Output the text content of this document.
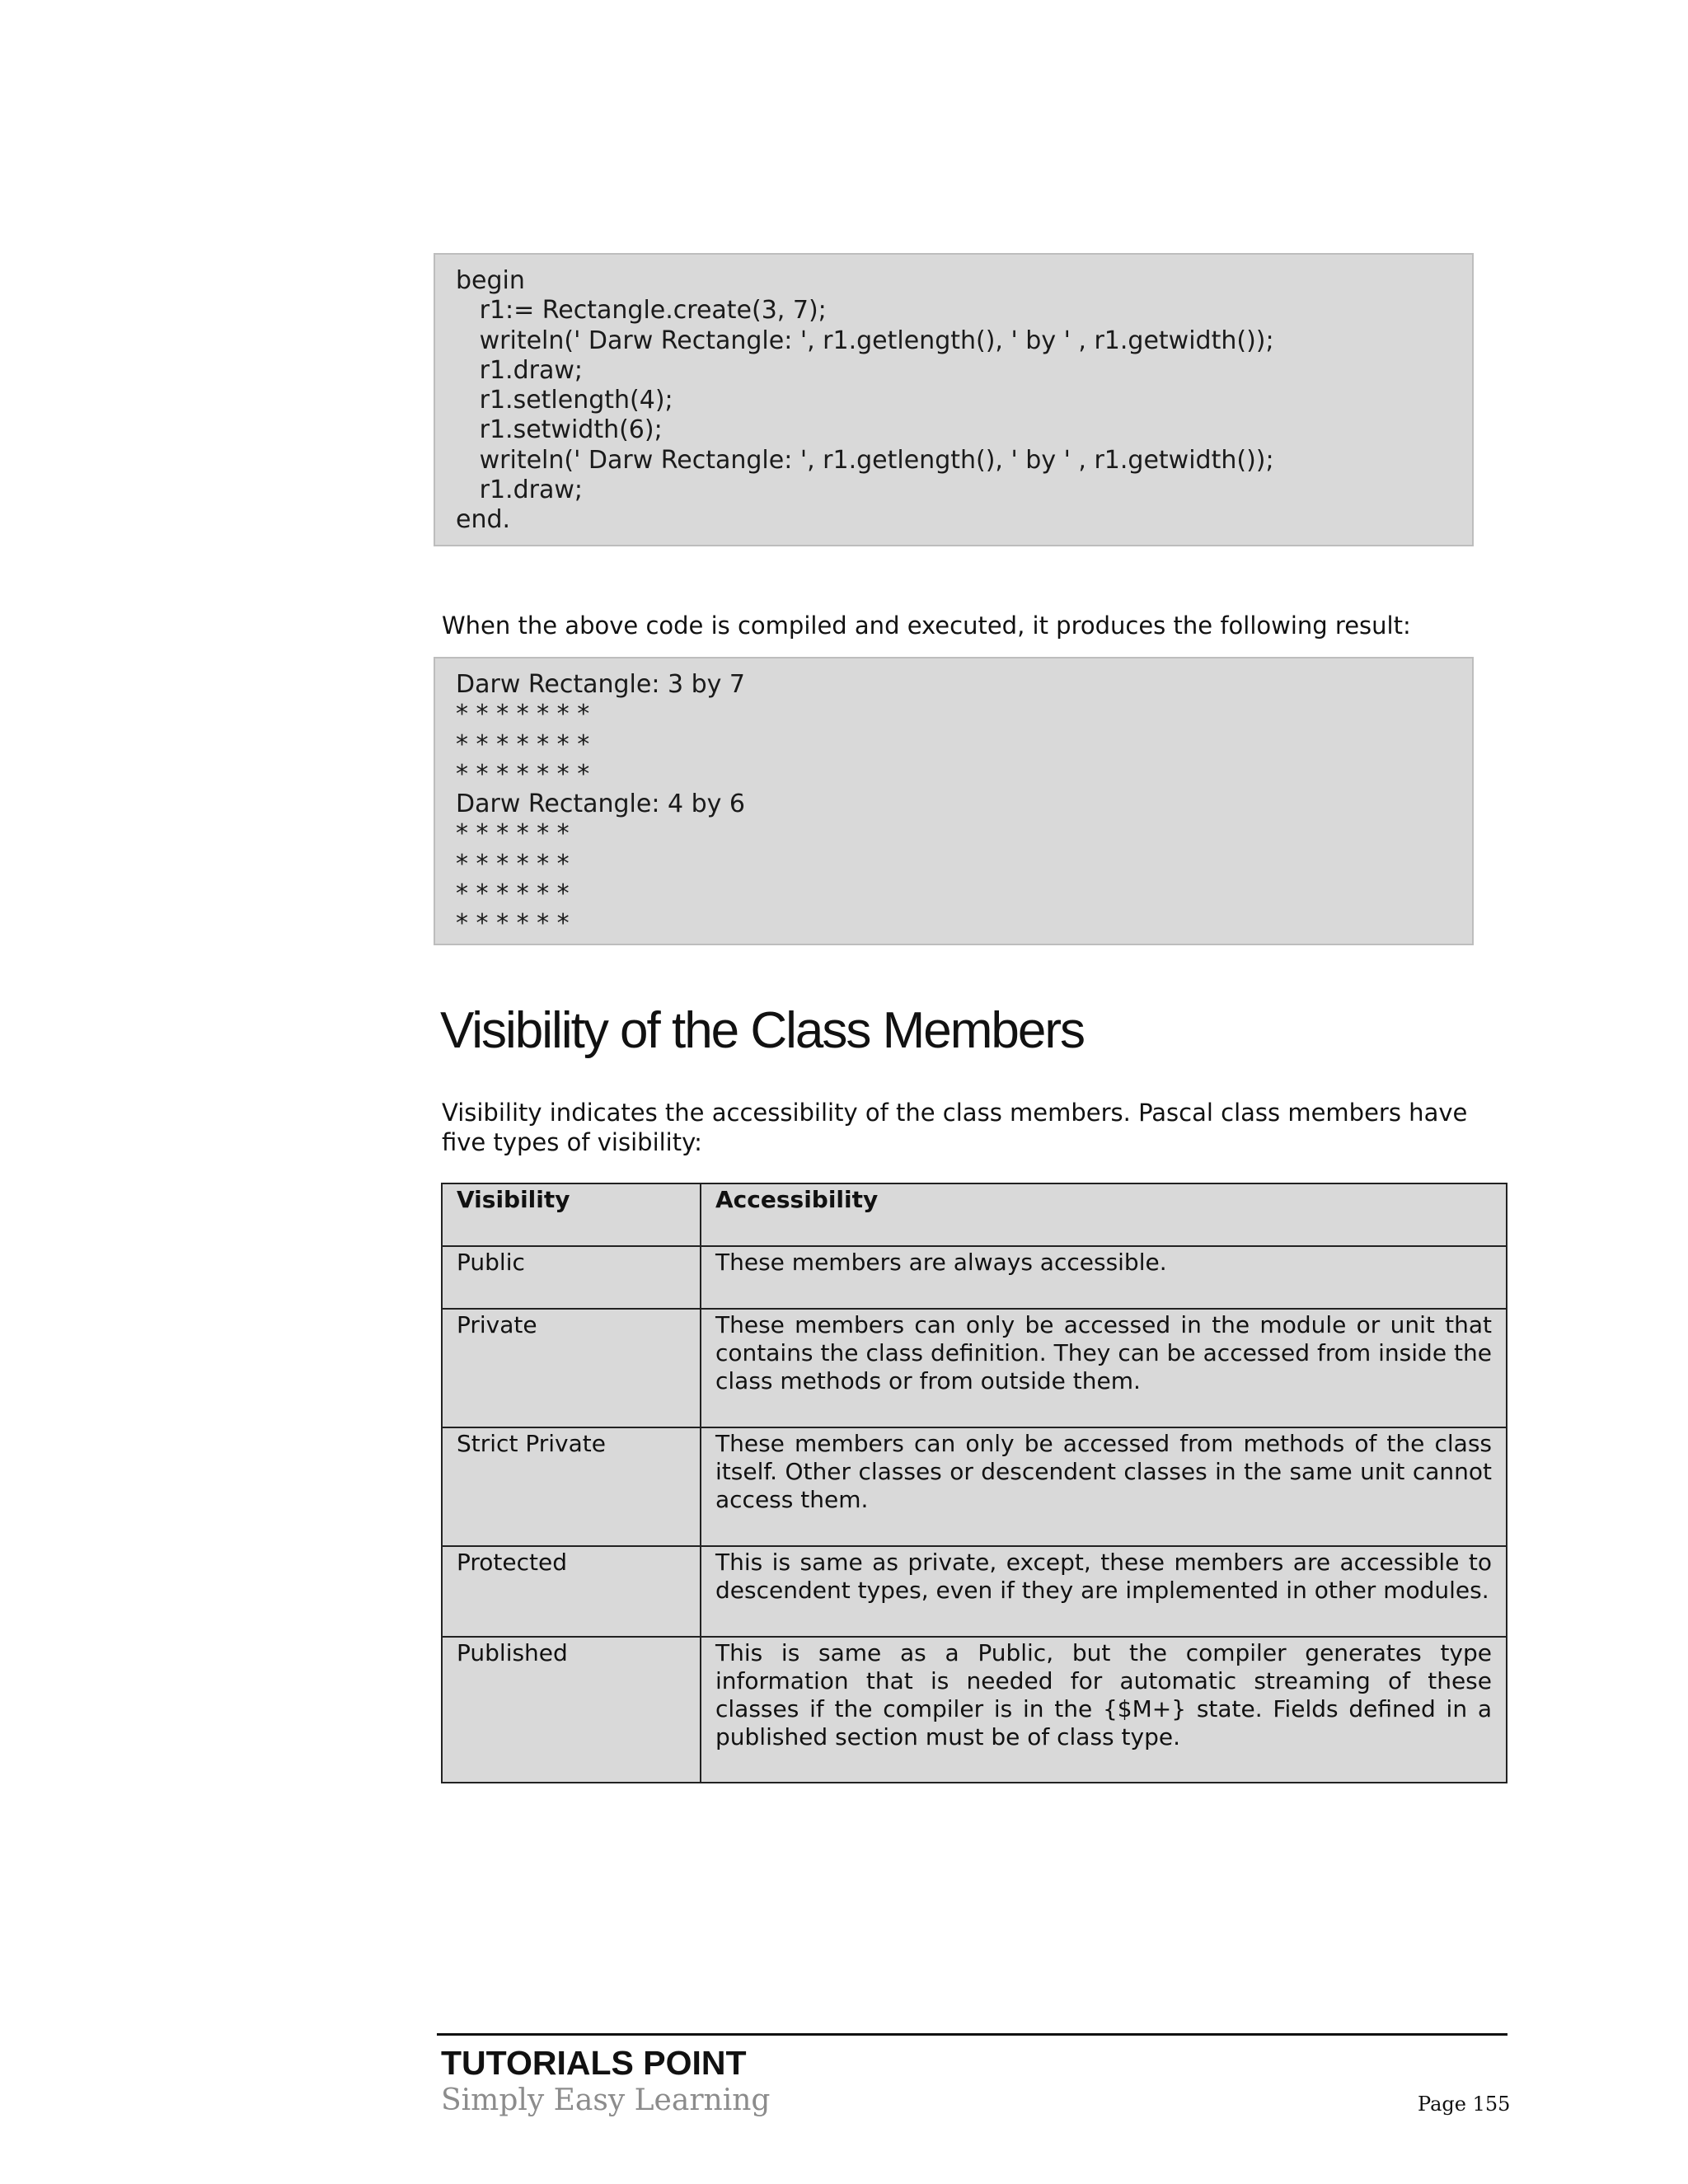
begin
r1:= Rectangle.create(3, 7);
writeln(' Darw Rectangle: ', r1.getlength(), ' by ' , r1.getwidth());
r1.draw;
r1.setlength(4);
r1.setwidth(6);
writeln(' Darw Rectangle: ', r1.getlength(), ' by ' , r1.getwidth());
r1.draw;
end.

When the above code is compiled and executed, it produces the following result:

Darw Rectangle: 3 by 7
* * * * * * *
* * * * * * *
* * * * * * *
Darw Rectangle: 4 by 6
* * * * * *
* * * * * *
* * * * * *
* * * * * *
Visibility of the Class Members

Visibility indicates the accessibility of the class members. Pascal class members have five types of visibility:

Visibility	Accessibility
Public	These members are always accessible.
Private	These members can only be accessed in the module or unit that contains the class definition. They can be accessed from inside the class methods or from outside them.
Strict Private	These members can only be accessed from methods of the class itself. Other classes or descendent classes in the same unit cannot access them.
Protected	This is same as private, except, these members are accessible to descendent types, even if they are implemented in other modules.
Published	This is same as a Public, but the compiler generates type information that is needed for automatic streaming of these classes if the compiler is in the {$M+} state. Fields defined in a published section must be of class type.
TUTORIALS POINT
Simply Easy Learning	Page 155
